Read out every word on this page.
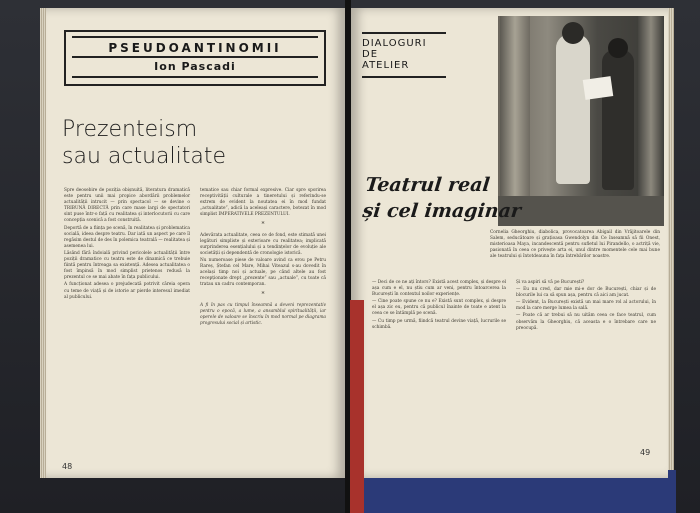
PSEUDOANTINOMII
Ion Pascadi
Prezenteism
sau actualitate

Spre deosebire de poziția obișnuită, literatura dramatică este pentru unii mai propice abordării problemelor actualității intrucit — prin spectacol — se devine o TRIBUNĂ DIRECTĂ prin care mase largi de spectatori sint puse într-o față cu realitatea și interlocutorii cu care concepția scenică a fost construită.

Deportă de a ființa pe scenă, în realitatea și problematica socială, ideea despre teatru. Dar iată un aspect pe care îl regăsim destul de des în polemica teatrală — realitatea și asemenea lui.

Lăsând fără îndoială privind pericolele actualității între poziții dramatice cu teatru este de dinamică ce trebuie fiintă pentru întreaga sa existență. Adesea actualitatea o fost împinsă în mod simplist prietenos redusă la prezentul ce se mai abate în fața publicului.

A funcționat adesea o prejudecată potrivit căreia opera cu teme de viață și de istorie ar pierde interesul imediat al publicului.

tematice sau chiar formal expresive. Ciar spre sporirea receptivității culturale a tineretului și referindu-se extrem de evident la noutatea ei în mod fundat „actualitate”, adică la aceleași caractere, botezat în mod simplist IMPERATIVELE PREZENTULUI.

*

Adevărata actualitate, ceea ce de fond, este stimată unei legături simpliste și exterioare cu realitatea; implicată surprinderea esențialului și a tendințelor de evoluție ale societății și dependentă de cronologie istorică.

Nu numeroase piese de valoare avind ca erou pe Petru Rareș, Ștefan cel Mare, Mihai Viteazul s-au dovedit în același timp noi și actuale, pe când altele au fost recepționate drept „prezente” sau „actuale”, cu toate că tratau un cadru contemporan.

*

A fi în pas cu timpul înseamnă a deveni reprezentativ pentru o epocă, a lume, a ansamblul spiritualității, iar operele de valoare se înscriu în mod normal pe diagrama progresului social și artistic.

48
DIALOGURI
DE
ATELIER
Teatrul real
și cel imaginar

Cornelia Gheorghiu, diabolica, provocatoarea Abigail din Vrăjitoarele din Salem, seducătoare și grațioasa Gwendolyn din Ce înseamnă să fii Onest, misterioasa Maya, incandescentă pentru sufletul lui Pirandello, o actriță vie, pasionată în ceea ce privește arta ei, unul dintre momentele cele mai bune ale teatrului și întotdeauna în fața întrebărilor noastre.

— Deci de ce ne ați întors? Există acest complex, și despre el așa cum e el, nu știu cum ar veni, pentru întoarcerea la București în contextul noilor experiențe.

— Cine poate spune ce nu e? Există sunt complex, și despre el așa zic eu, pentru că publicul înainte de toate e atent la ceea ce se întâmplă pe scenă.

— Cu timp pe urmă, fiindcă teatrul devine viață, lucrurile se schimbă.

Și va aspiri să vă pe București?

— Eu nu cred, dar mie mi-e dor de București, chiar și de blocurile lui ca să spun așa, pentru că aici am jucat.

— Evident, la București există un mai mare rol al actorului, în mod la care merge lumea la sală.

— Poate că ar trebui să nu uităm ceea ce face teatrul, cum observăm la Gheorghiu, că aceasta e o întrebare care ne preocupă.

49
